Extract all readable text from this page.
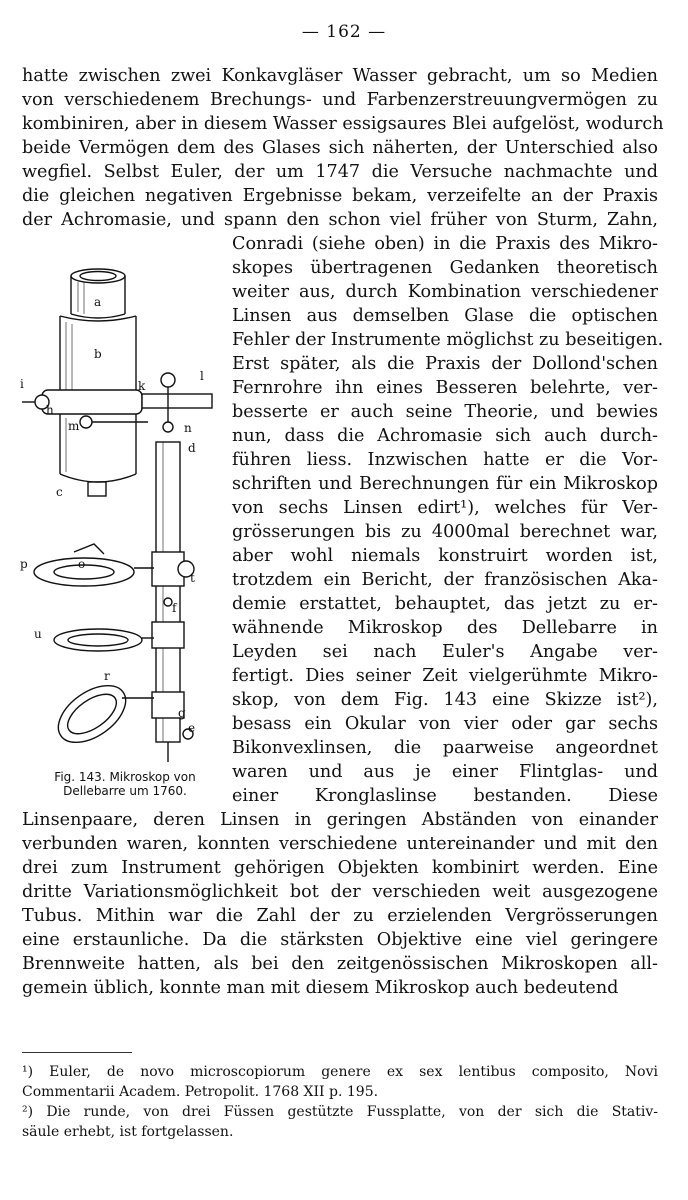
— 162 —
hatte zwischen zwei Konkavgläser Wasser gebracht, um so Medien
von verschiedenem Brechungs- und Farbenzerstreuungvermögen zu
kombiniren, aber in diesem Wasser essigsaures Blei aufgelöst, wodurch
beide Vermögen dem des Glases sich näherten, der Unterschied also
wegfiel. Selbst Euler, der um 1747 die Versuche nachmachte und
die gleichen negativen Ergebnisse bekam, verzeifelte an der Praxis
der Achromasie, und spann den schon viel früher von Sturm, Zahn,
Conradi (siehe oben) in die Praxis des Mikro-
skopes übertragenen Gedanken theoretisch
weiter aus, durch Kombination verschiedener
Linsen aus demselben Glase die optischen
Fehler der Instrumente möglichst zu beseitigen.
Erst später, als die Praxis der Dollond'schen
Fernrohre ihn eines Besseren belehrte, ver-
besserte er auch seine Theorie, und bewies
nun, dass die Achromasie sich auch durch-
führen liess. Inzwischen hatte er die Vor-
schriften und Berechnungen für ein Mikroskop
von sechs Linsen edirt¹), welches für Ver-
grösserungen bis zu 4000mal berechnet war,
aber wohl niemals konstruirt worden ist,
trotzdem ein Bericht, der französischen Aka-
demie erstattet, behauptet, das jetzt zu er-
wähnende Mikroskop des Dellebarre in
Leyden sei nach Euler's Angabe ver-
fertigt. Dies seiner Zeit vielgerühmte Mikro-
skop, von dem Fig. 143 eine Skizze ist²),
besass ein Okular von vier oder gar sechs
Bikonvexlinsen, die paarweise angeordnet
waren und aus je einer Flintglas- und
einer Kronglaslinse bestanden. Diese
Linsenpaare, deren Linsen in geringen Abständen von einander
verbunden waren, konnten verschiedene untereinander und mit den
drei zum Instrument gehörigen Objekten kombinirt werden. Eine
dritte Variationsmöglichkeit bot der verschieden weit ausgezogene
Tubus. Mithin war die Zahl der zu erzielenden Vergrösserungen
eine erstaunliche. Da die stärksten Objektive eine viel geringere
Brennweite hatten, als bei den zeitgenössischen Mikroskopen all-
gemein üblich, konnte man mit diesem Mikroskop auch bedeutend
a
b
c
d
e
f
g
h
i	k
l
m	n
o
p
r
t
u
Fig. 143. Mikroskop von
Dellebarre um 1760.
¹) Euler, de novo microscopiorum genere ex sex lentibus composito, Novi
Commentarii Academ. Petropolit. 1768 XII p. 195.
²) Die runde, von drei Füssen gestützte Fussplatte, von der sich die Stativ-
säule erhebt, ist fortgelassen.
